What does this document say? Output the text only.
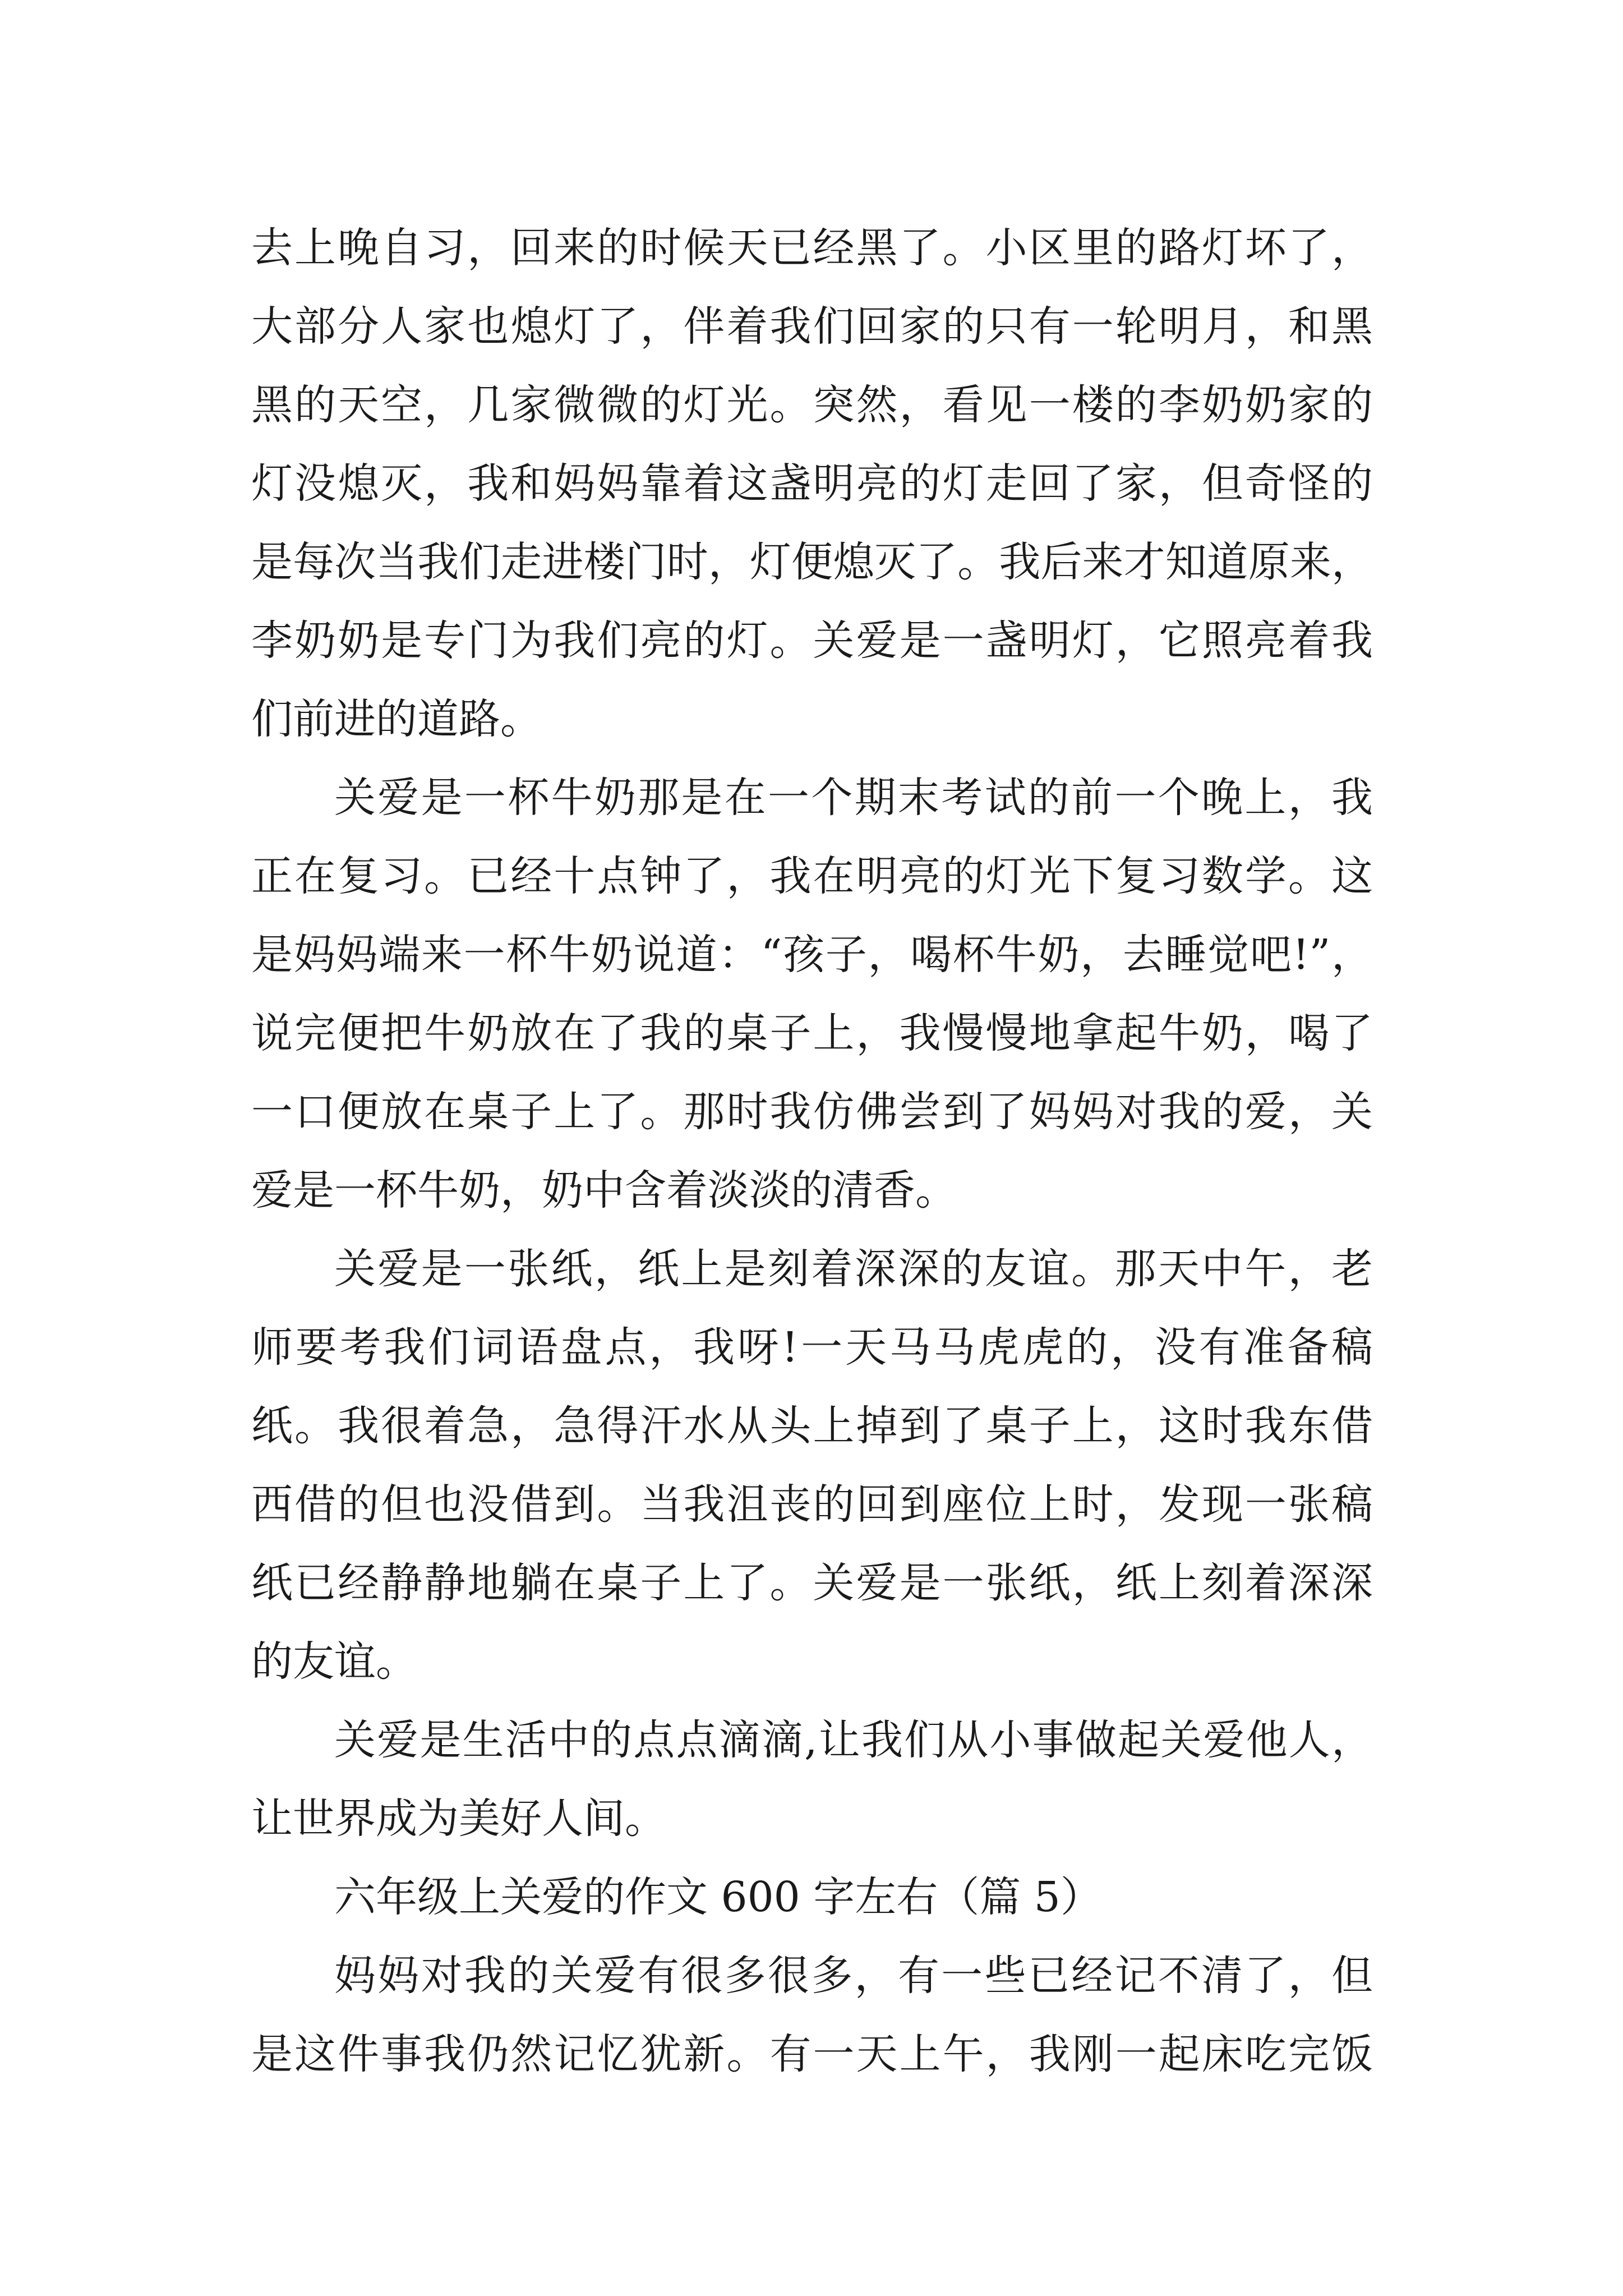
去上晚自习，回来的时候天已经黑了。小区里的路灯坏了，
大部分人家也熄灯了，伴着我们回家的只有一轮明月，和黑
黑的天空，几家微微的灯光。突然，看见一楼的李奶奶家的
灯没熄灭，我和妈妈靠着这盏明亮的灯走回了家，但奇怪的
是每次当我们走进楼门时，灯便熄灭了。我后来才知道原来，
李奶奶是专门为我们亮的灯。关爱是一盏明灯，它照亮着我
们前进的道路。
关爱是一杯牛奶那是在一个期末考试的前一个晚上，我
正在复习。已经十点钟了，我在明亮的灯光下复习数学。这
是妈妈端来一杯牛奶说道：“孩子，喝杯牛奶，去睡觉吧!”，
说完便把牛奶放在了我的桌子上，我慢慢地拿起牛奶，喝了
一口便放在桌子上了。那时我仿佛尝到了妈妈对我的爱，关
爱是一杯牛奶，奶中含着淡淡的清香。
关爱是一张纸，纸上是刻着深深的友谊。那天中午，老
师要考我们词语盘点，我呀!一天马马虎虎的，没有准备稿
纸。我很着急，急得汗水从头上掉到了桌子上，这时我东借
西借的但也没借到。当我沮丧的回到座位上时，发现一张稿
纸已经静静地躺在桌子上了。关爱是一张纸，纸上刻着深深
的友谊。
关爱是生活中的点点滴滴,让我们从小事做起关爱他人，
让世界成为美好人间。
六年级上关爱的作文 600 字左右（篇 5）
妈妈对我的关爱有很多很多，有一些已经记不清了，但
是这件事我仍然记忆犹新。有一天上午，我刚一起床吃完饭
